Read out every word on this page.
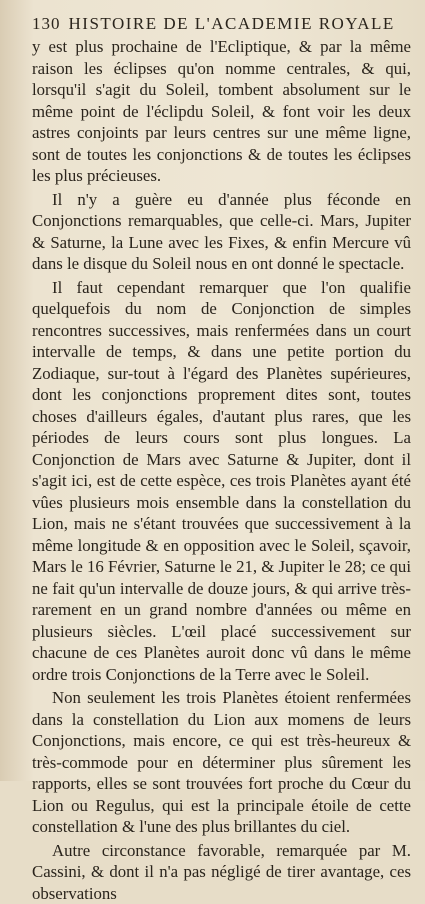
130 HISTOIRE DE L'ACADEMIE ROYALE

y est plus prochaine de l'Ecliptique, & par la même raison les éclipses qu'on nomme centrales, & qui, lorsqu'il s'agit du Soleil, tombent absolument sur le même point de l'éclipdu Soleil, & font voir les deux astres conjoints par leurs centres sur une même ligne, sont de toutes les conjonctions & de toutes les éclipses les plus précieuses.

Il n'y a guère eu d'année plus féconde en Conjonctions remarquables, que celle-ci. Mars, Jupiter & Saturne, la Lune avec les Fixes, & enfin Mercure vû dans le disque du Soleil nous en ont donné le spectacle.

Il faut cependant remarquer que l'on qualifie quelquefois du nom de Conjonction de simples rencontres successives, mais renfermées dans un court intervalle de temps, & dans une petite portion du Zodiaque, sur-tout à l'égard des Planètes supérieures, dont les conjonctions proprement dites sont, toutes choses d'ailleurs égales, d'autant plus rares, que les périodes de leurs cours sont plus longues. La Conjonction de Mars avec Saturne & Jupiter, dont il s'agit ici, est de cette espèce, ces trois Planètes ayant été vûes plusieurs mois ensemble dans la constellation du Lion, mais ne s'étant trouvées que successivement à la même longitude & en opposition avec le Soleil, sçavoir, Mars le 16 Février, Saturne le 21, & Jupiter le 28; ce qui ne fait qu'un intervalle de douze jours, & qui arrive très-rarement en un grand nombre d'années ou même en plusieurs siècles. L'œil placé successivement sur chacune de ces Planètes auroit donc vû dans le même ordre trois Conjonctions de la Terre avec le Soleil.

Non seulement les trois Planètes étoient renfermées dans la constellation du Lion aux momens de leurs Conjonctions, mais encore, ce qui est très-heureux & très-commode pour en déterminer plus sûrement les rapports, elles se sont trouvées fort proche du Cœur du Lion ou Regulus, qui est la principale étoile de cette constellation & l'une des plus brillantes du ciel.

Autre circonstance favorable, remarquée par M. Cassini, & dont il n'a pas négligé de tirer avantage, ces observations
